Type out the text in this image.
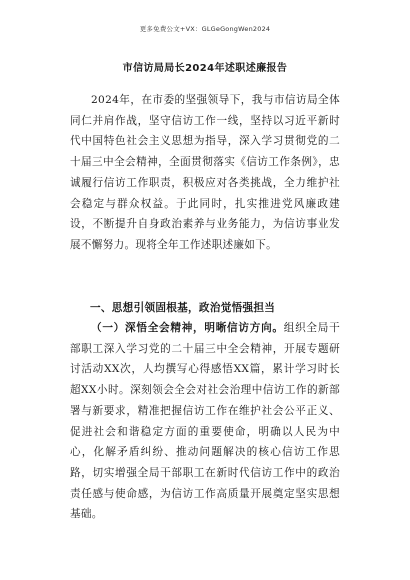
更多免费公文+VX：GLGeGongWen2024
市信访局局长2024年述职述廉报告

2024年，在市委的坚强领导下，我与市信访局全体同仁并肩作战，坚守信访工作一线，坚持以习近平新时代中国特色社会主义思想为指导，深入学习贯彻党的二十届三中全会精神，全面贯彻落实《信访工作条例》，忠诚履行信访工作职责，积极应对各类挑战，全力维护社会稳定与群众权益。于此同时，扎实推进党风廉政建设，不断提升自身政治素养与业务能力，为信访事业发展不懈努力。现将全年工作述职述廉如下。

一、思想引领固根基，政治觉悟强担当

（一）深悟全会精神，明晰信访方向。组织全局干部职工深入学习党的二十届三中全会精神，开展专题研讨活动XX次，人均撰写心得感悟XX篇，累计学习时长超XX小时。深刻领会全会对社会治理中信访工作的新部署与新要求，精准把握信访工作在维护社会公平正义、促进社会和谐稳定方面的重要使命，明确以人民为中心，化解矛盾纠纷、推动问题解决的核心信访工作思路，切实增强全局干部职工在新时代信访工作中的政治责任感与使命感，为信访工作高质量开展奠定坚实思想基础。
